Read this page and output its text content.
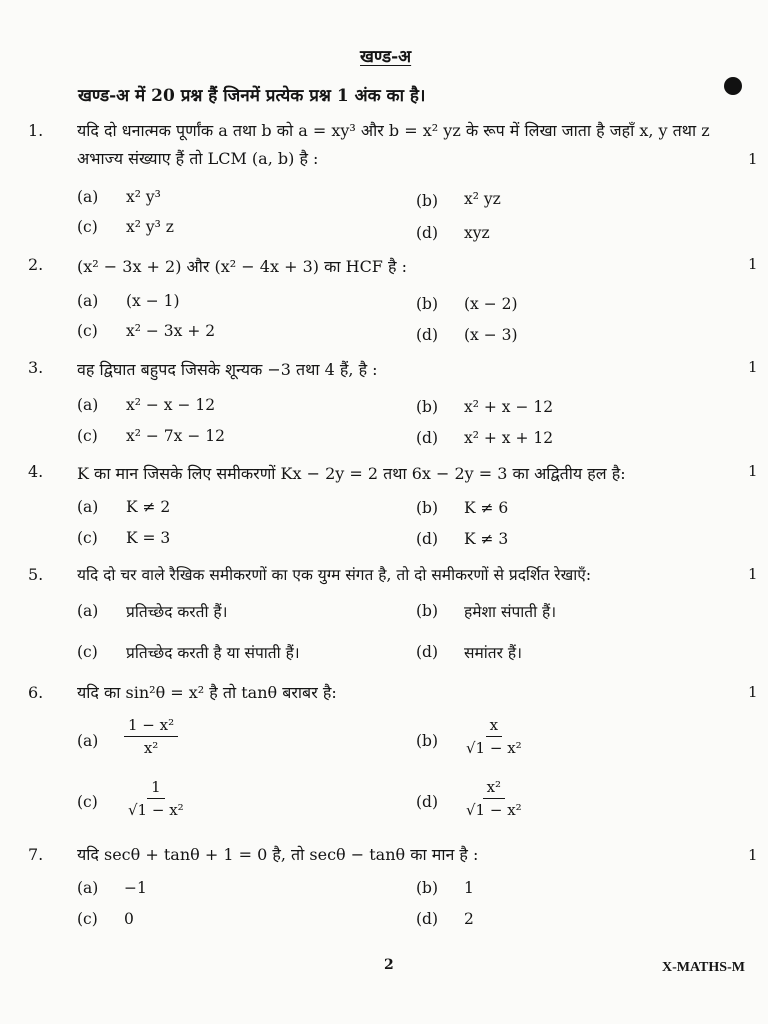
खण्ड-अ
खण्ड-अ में 20 प्रश्न हैं जिनमें प्रत्येक प्रश्न 1 अंक का है।
1. यदि दो धनात्मक पूर्णांक a तथा b को a = xy³ और b = x² yz के रूप में लिखा जाता है जहाँ x, y तथा z अभाज्य संख्याए हैं तो LCM (a, b) है :	1
(a) x² y³	(b) x² yz
(c) x² y³ z	(d) xyz
2. (x² − 3x + 2) और (x² − 4x + 3) का HCF है :	1
(a) (x − 1)	(b) (x − 2)
(c) x² − 3x + 2	(d) (x − 3)
3. वह द्विघात बहुपद जिसके शून्यक −3 तथा 4 हैं, है :	1
(a) x² − x − 12	(b) x² + x − 12
(c) x² − 7x − 12	(d) x² + x + 12
4. K का मान जिसके लिए समीकरणों Kx − 2y = 2 तथा 6x − 2y = 3 का अद्वितीय हल है:	1
(a) K ≠ 2	(b) K ≠ 6
(c) K = 3	(d) K ≠ 3
5. यदि दो चर वाले रैखिक समीकरणों का एक युग्म संगत है, तो दो समीकरणों से प्रदर्शित रेखाएँ:	1
(a) प्रतिच्छेद करती हैं।	(b) हमेशा संपाती हैं।
(c) प्रतिच्छेद करती है या संपाती हैं।	(d) समांतर हैं।
6. यदि का sin²θ = x² है तो tanθ बराबर है:	1
$(a) \frac{\text{1 − x²}}{\text{x²}}$	$(b) \frac{x}{\text{√1 − x²}}$
$(c) \frac{1}{\text{√1 − x²}}$	$(d) \frac{\text{x²}}{\text{√1 − x²}}$
7. यदि secθ + tanθ + 1 = 0 है, तो secθ − tanθ का मान है :	1
(a) −1	(b) 1
(c) 0	(d) 2
2	X-MATHS-M
